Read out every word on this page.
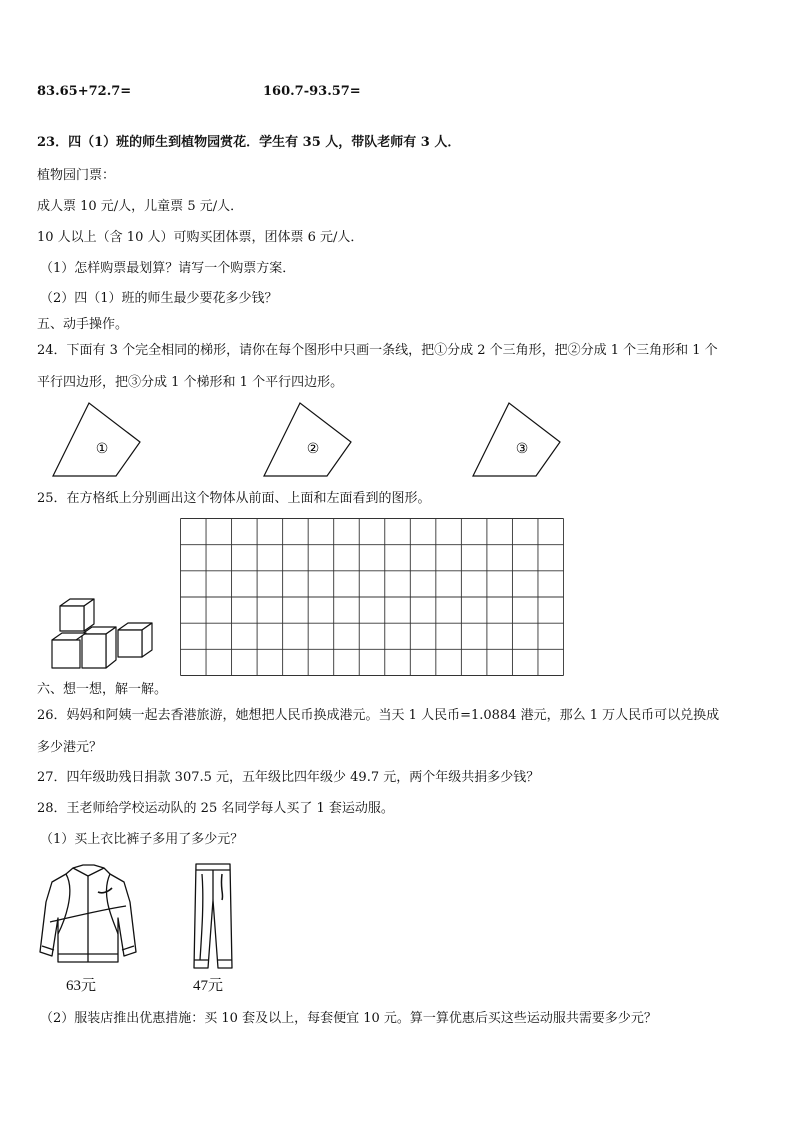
83.65+72.7=	160.7-93.57=
23．四（1）班的师生到植物园赏花．学生有 35 人，带队老师有 3 人．
植物园门票：
成人票 10 元/人，儿童票 5 元/人．
10 人以上（含 10 人）可购买团体票，团体票 6 元/人．
（1）怎样购票最划算？请写一个购票方案．
（2）四（1）班的师生最少要花多少钱？
五、动手操作。
24．下面有 3 个完全相同的梯形，请你在每个图形中只画一条线，把①分成 2 个三角形，把②分成 1 个三角形和 1 个
平行四边形，把③分成 1 个梯形和 1 个平行四边形。
①	②	③
25．在方格纸上分别画出这个物体从前面、上面和左面看到的图形。
六、想一想，解一解。
26．妈妈和阿姨一起去香港旅游，她想把人民币换成港元。当天 1 人民币=1.0884 港元，那么 1 万人民币可以兑换成
多少港元？
27．四年级助残日捐款 307.5 元，五年级比四年级少 49.7 元，两个年级共捐多少钱？
28．王老师给学校运动队的 25 名同学每人买了 1 套运动服。
（1）买上衣比裤子多用了多少元？
63元	47元
（2）服装店推出优惠措施：买 10 套及以上，每套便宜 10 元。算一算优惠后买这些运动服共需要多少元？
